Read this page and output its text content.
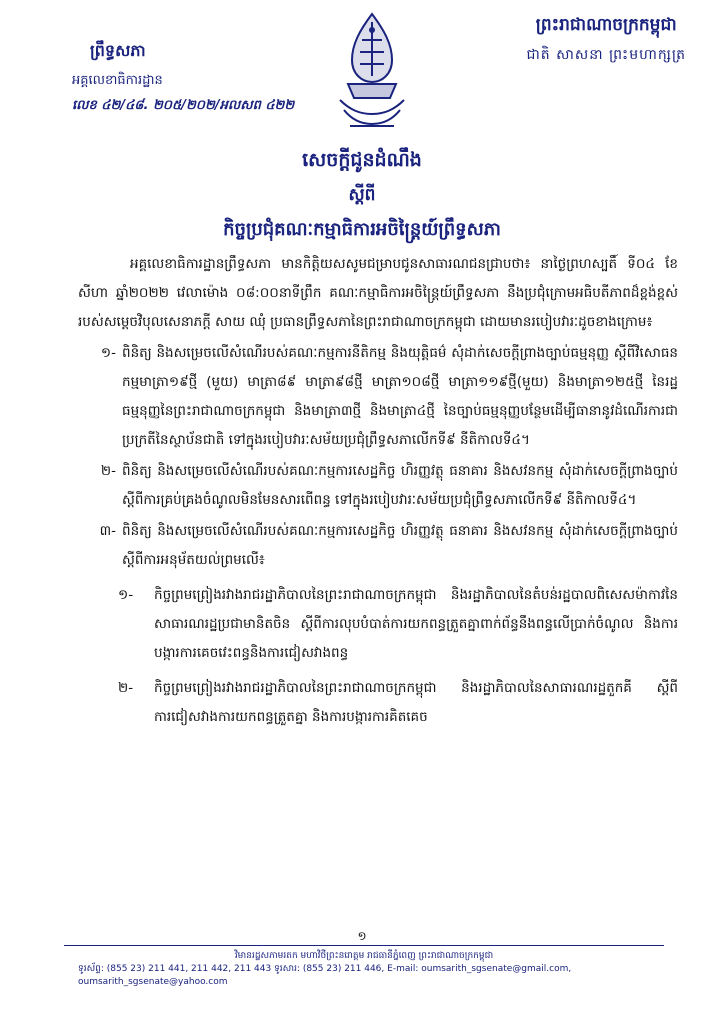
ព្រះរាជាណាចក្រកម្ពុជា
ជាតិ សាសនា ព្រះមហាក្សត្រ
ព្រឹទ្ធសភា
អគ្គលេខាធិការដ្ឋាន
លេខ ៤២/៤៨. ២០៥/២០២/អលសព ៤២២
សេចក្ដីជូនដំណឹង
ស្ដីពី
កិច្ចប្រជុំគណៈកម្មាធិការអចិន្ត្រៃយ៍ព្រឹទ្ធសភា
អគ្គលេខាធិការដ្ឋានព្រឹទ្ធសភា មានកិត្តិយសសូមជម្រាបជូនសាធារណជនជ្រាបថា៖ នាថ្ងៃព្រហស្បតិ៍ ទី០៤ ខែសីហា ឆ្នាំ២០២២ វេលាម៉ោង ០៨:០០នាទីព្រឹក គណៈកម្មាធិការអចិន្ត្រៃយ៍ព្រឹទ្ធសភា នឹងប្រជុំក្រោមអធិបតីភាពដ៏ខ្ពង់ខ្ពស់របស់សម្ដេចវិបុលសេនាភក្ដី សាយ ឈុំ ប្រធានព្រឹទ្ធសភានៃព្រះរាជាណាចក្រកម្ពុជា ដោយមានរបៀបវារៈដូចខាងក្រោម៖
១- ពិនិត្យ និងសម្រេចលើសំណើរបស់គណៈកម្មការនីតិកម្ម និងយុត្តិធម៌ សុំដាក់សេចក្ដីព្រាងច្បាប់ធម្មនុញ្ញ ស្ដីពីវិសោធនកម្មមាត្រា១៩ថ្មី (មួយ) មាត្រា៨៩ មាត្រា៩៨ថ្មី មាត្រា១០៨ថ្មី មាត្រា១១៩ថ្មី(មួយ) និងមាត្រា១២៥ថ្មី នៃរដ្ឋធម្មនុញ្ញនៃព្រះរាជាណាចក្រកម្ពុជា និងមាត្រា៣ថ្មី និងមាត្រា៤ថ្មី នៃច្បាប់ធម្មនុញ្ញបន្ថែមដើម្បីធានានូវដំណើរការជាប្រក្រតីនៃស្ថាប័នជាតិ ទៅក្នុងរបៀបវារៈសម័យប្រជុំព្រឹទ្ធសភាលើកទី៩ នីតិកាលទី៤។
២- ពិនិត្យ និងសម្រេចលើសំណើរបស់គណៈកម្មការសេដ្ឋកិច្ច ហិរញ្ញវត្ថុ ធនាគារ និងសវនកម្ម សុំដាក់សេចក្ដីព្រាងច្បាប់ ស្ដីពីការគ្រប់គ្រងចំណូលមិនមែនសារពើពន្ធ ទៅក្នុងរបៀបវារៈសម័យប្រជុំព្រឹទ្ធសភាលើកទី៩ នីតិកាលទី៤។
៣- ពិនិត្យ និងសម្រេចលើសំណើរបស់គណៈកម្មការសេដ្ឋកិច្ច ហិរញ្ញវត្ថុ ធនាគារ និងសវនកម្ម សុំដាក់សេចក្ដីព្រាងច្បាប់ ស្ដីពីការអនុម័តយល់ព្រមលើ៖
១-	កិច្ចព្រមព្រៀងរវាងរាជរដ្ឋាភិបាលនៃព្រះរាជាណាចក្រកម្ពុជា និងរដ្ឋាភិបាលនៃតំបន់រដ្ឋបាលពិសេសម៉ាកាវនៃសាធារណរដ្ឋប្រជាមានិតចិន ស្ដីពីការលុបបំបាត់ការយកពន្ធត្រួតគ្នាពាក់ព័ន្ធនឹងពន្ធលើប្រាក់ចំណូល និងការបង្ការការគេចវេះពន្ធនិងការជៀសវាងពន្ធ
២-	កិច្ចព្រមព្រៀងរវាងរាជរដ្ឋាភិបាលនៃព្រះរាជាណាចក្រកម្ពុជា និងរដ្ឋាភិបាលនៃសាធារណរដ្ឋតួកគី ស្ដីពីការជៀសវាងការយកពន្ធត្រួតគ្នា និងការបង្ការការគិតគេច
១
វិមានរដ្ឋសភាមរតក មហាវិថីព្រះនរោត្តម រាជធានីភ្នំពេញ ព្រះរាជាណាចក្រកម្ពុជា
ទូរស័ព្ទ: (855 23) 211 441, 211 442, 211 443 ទូរសារ: (855 23) 211 446, E-mail: oumsarith_sgsenate@gmail.com, oumsarith_sgsenate@yahoo.com
